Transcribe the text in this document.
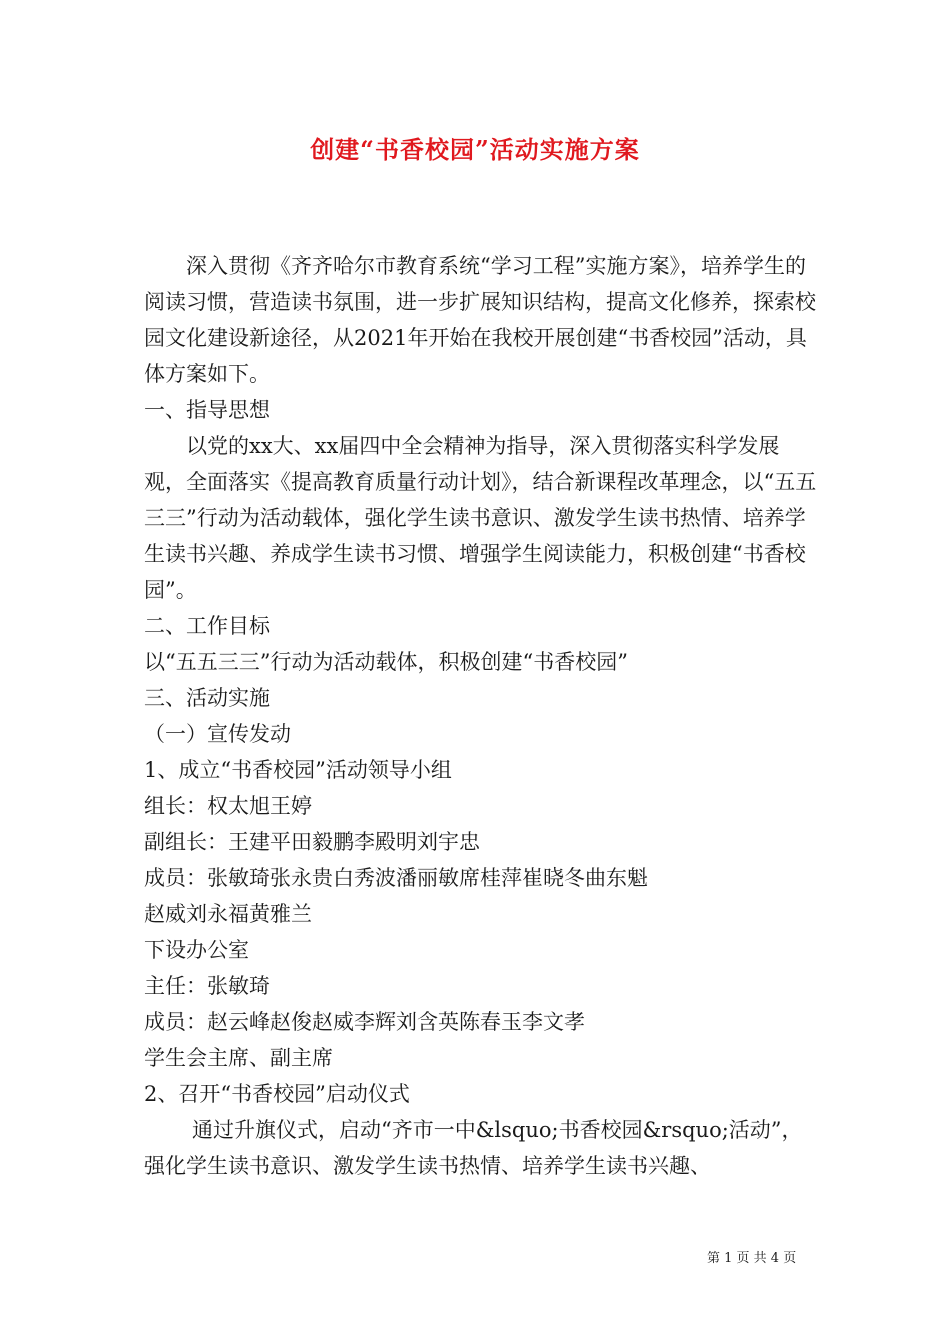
创建“书香校园”活动实施方案

深入贯彻《齐齐哈尔市教育系统“学习工程”实施方案》，培养学生的阅读习惯，营造读书氛围，进一步扩展知识结构，提高文化修养，探索校园文化建设新途径，从2021年开始在我校开展创建“书香校园”活动，具体方案如下。

一、指导思想

以党的xx大、xx届四中全会精神为指导，深入贯彻落实科学发展观，全面落实《提高教育质量行动计划》，结合新课程改革理念，以“五五三三”行动为活动载体，强化学生读书意识、激发学生读书热情、培养学生读书兴趣、养成学生读书习惯、增强学生阅读能力，积极创建“书香校园”。

二、工作目标

以“五五三三”行动为活动载体，积极创建“书香校园”

三、活动实施

（一）宣传发动

1、成立“书香校园”活动领导小组

组长：权太旭王婷

副组长：王建平田毅鹏李殿明刘宇忠

成员：张敏琦张永贵白秀波潘丽敏席桂萍崔晓冬曲东魁

赵威刘永福黄雅兰

下设办公室

主任：张敏琦

成员：赵云峰赵俊赵威李辉刘含英陈春玉李文孝

学生会主席、副主席

2、召开“书香校园”启动仪式

通过升旗仪式，启动“齐市一中&lsquo;书香校园&rsquo;活动”，强化学生读书意识、激发学生读书热情、培养学生读书兴趣、

第 1 页 共 4 页
